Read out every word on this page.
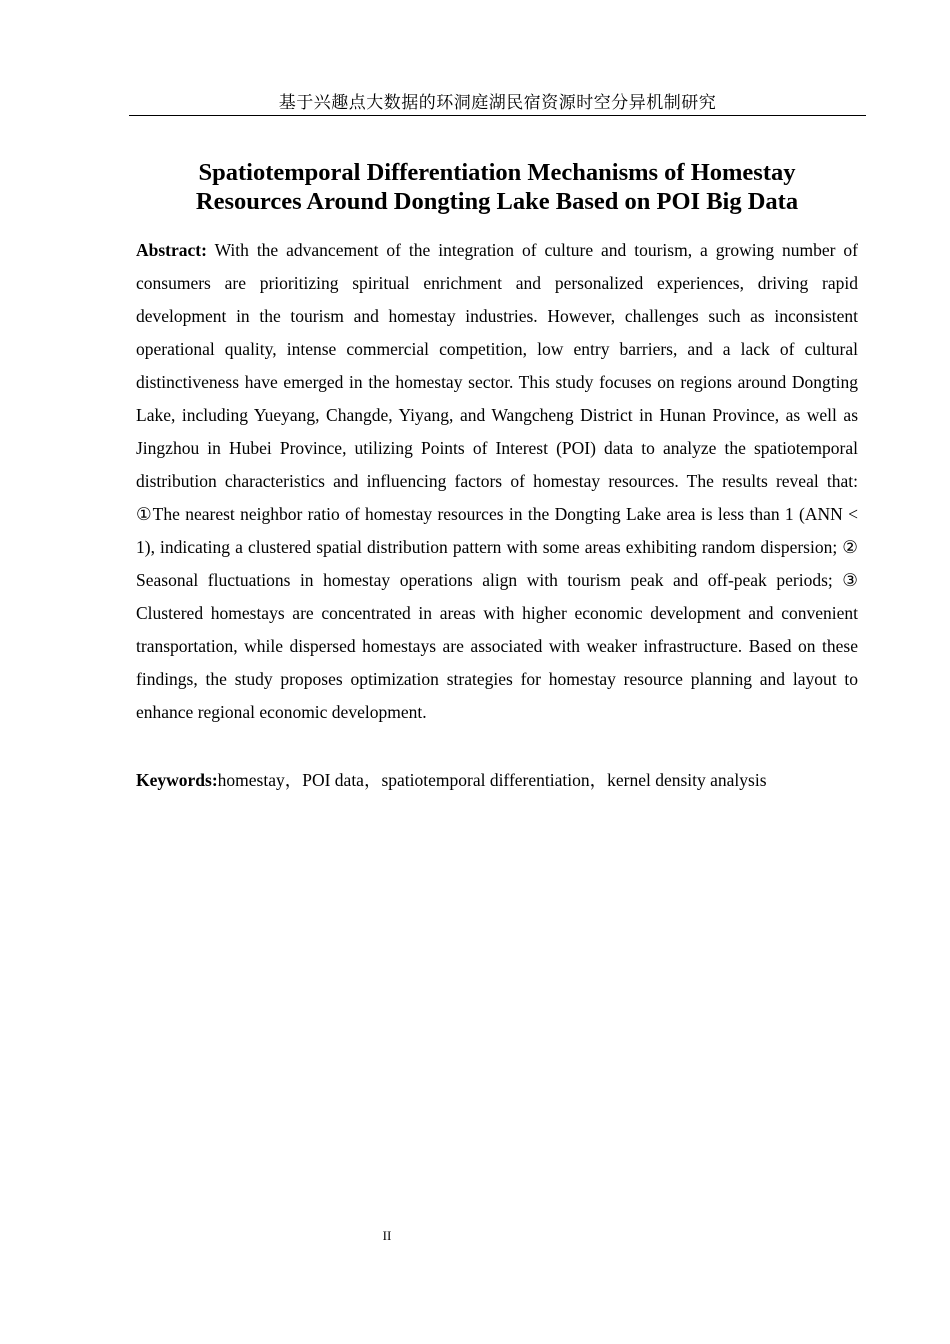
基于兴趣点大数据的环洞庭湖民宿资源时空分异机制研究
Spatiotemporal Differentiation Mechanisms of Homestay
Resources Around Dongting Lake Based on POI Big Data

Abstract: With the advancement of the integration of culture and tourism, a growing number of consumers are prioritizing spiritual enrichment and personalized experiences, driving rapid development in the tourism and homestay industries. However, challenges such as inconsistent operational quality, intense commercial competition, low entry barriers, and a lack of cultural distinctiveness have emerged in the homestay sector. This study focuses on regions around Dongting Lake, including Yueyang, Changde, Yiyang, and Wangcheng District in Hunan Province, as well as Jingzhou in Hubei Province, utilizing Points of Interest (POI) data to analyze the spatiotemporal distribution characteristics and influencing factors of homestay resources. The results reveal that: ①The nearest neighbor ratio of homestay resources in the Dongting Lake area is less than 1 (ANN < 1), indicating a clustered spatial distribution pattern with some areas exhibiting random dispersion; ② Seasonal fluctuations in homestay operations align with tourism peak and off-peak periods; ③ Clustered homestays are concentrated in areas with higher economic development and convenient transportation, while dispersed homestays are associated with weaker infrastructure. Based on these findings, the study proposes optimization strategies for homestay resource planning and layout to enhance regional economic development.

Keywords:homestay，POI data，spatiotemporal differentiation，kernel density analysis

II
